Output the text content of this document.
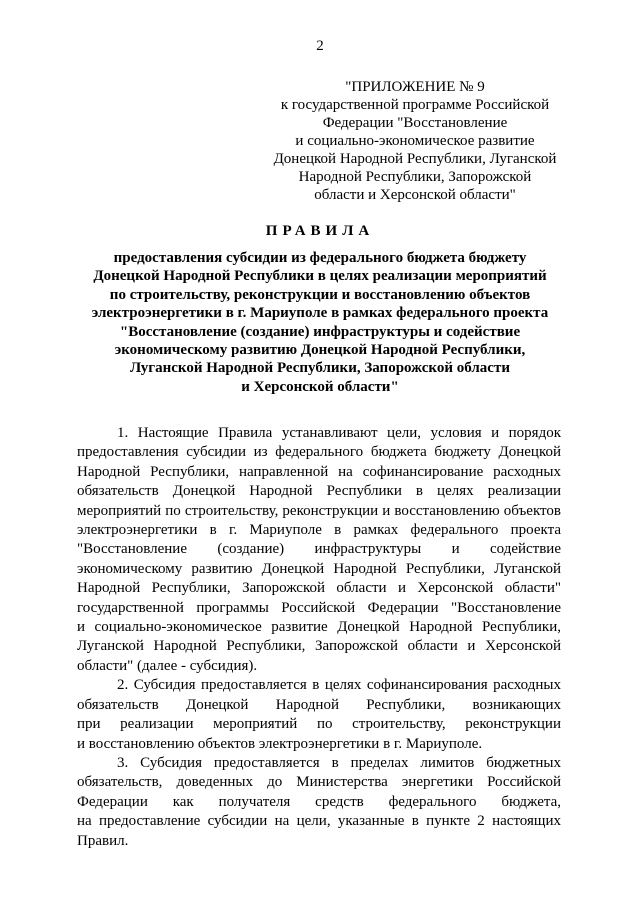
2
"ПРИЛОЖЕНИЕ № 9
к государственной программе Российской
Федерации "Восстановление
и социально-экономическое развитие
Донецкой Народной Республики, Луганской
Народной Республики, Запорожской
области и Херсонской области"
ПРАВИЛА
предоставления субсидии из федерального бюджета бюджету
Донецкой Народной Республики в целях реализации мероприятий
по строительству, реконструкции и восстановлению объектов
электроэнергетики в г. Мариуполе в рамках федерального проекта
"Восстановление (создание) инфраструктуры и содействие
экономическому развитию Донецкой Народной Республики,
Луганской Народной Республики, Запорожской области
и Херсонской области"
1. Настоящие Правила устанавливают цели, условия и порядок
предоставления субсидии из федерального бюджета бюджету Донецкой
Народной Республики, направленной на софинансирование расходных
обязательств Донецкой Народной Республики в целях реализации
мероприятий по строительству, реконструкции и восстановлению объектов
электроэнергетики в г. Мариуполе в рамках федерального проекта
"Восстановление (создание) инфраструктуры и содействие
экономическому развитию Донецкой Народной Республики, Луганской
Народной Республики, Запорожской области и Херсонской области"
государственной программы Российской Федерации "Восстановление
и социально-экономическое развитие Донецкой Народной Республики,
Луганской Народной Республики, Запорожской области и Херсонской
области" (далее - субсидия).
2. Субсидия предоставляется в целях софинансирования расходных
обязательств Донецкой Народной Республики, возникающих
при реализации мероприятий по строительству, реконструкции
и восстановлению объектов электроэнергетики в г. Мариуполе.
3. Субсидия предоставляется в пределах лимитов бюджетных
обязательств, доведенных до Министерства энергетики Российской
Федерации как получателя средств федерального бюджета,
на предоставление субсидии на цели, указанные в пункте 2 настоящих
Правил.
